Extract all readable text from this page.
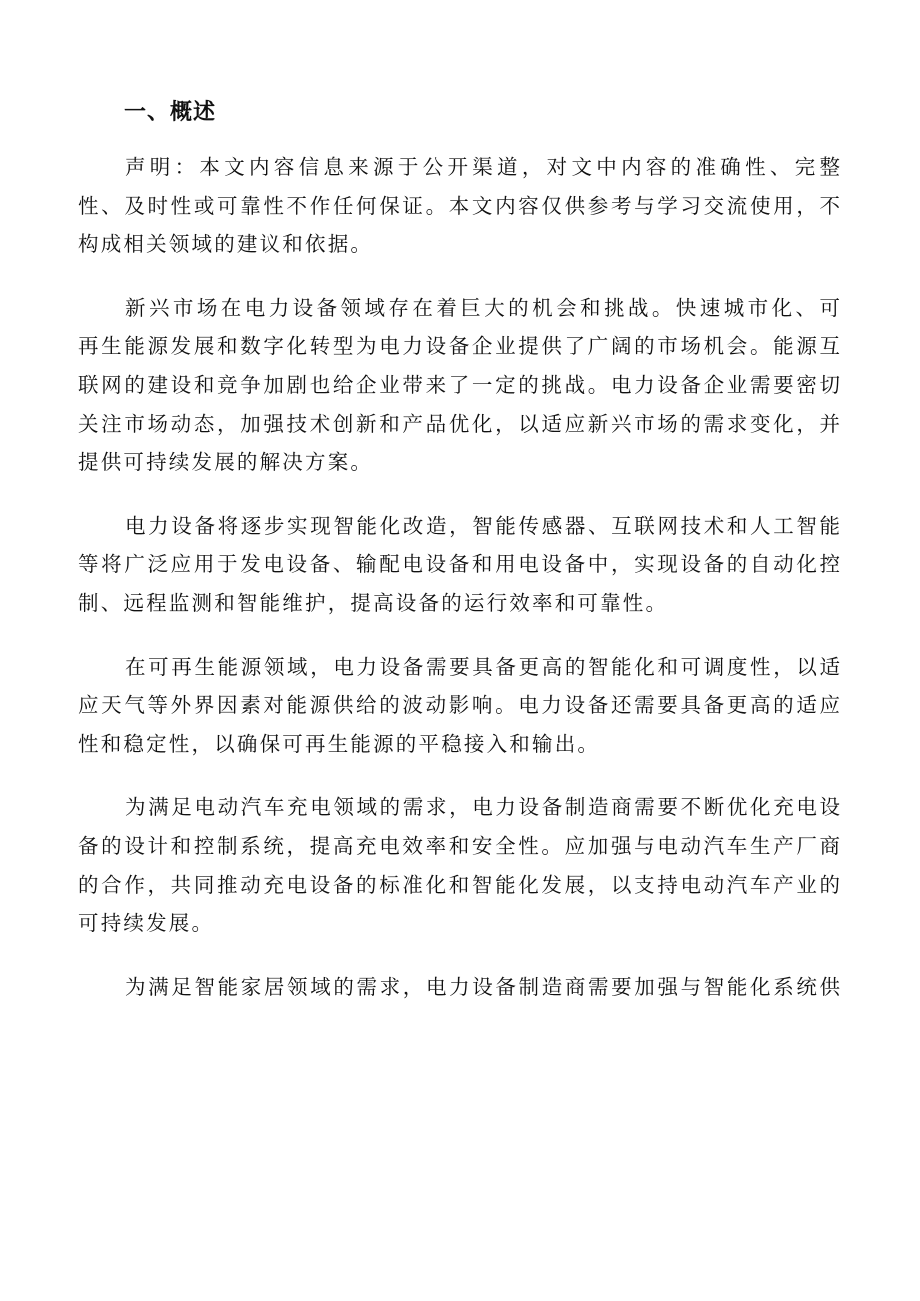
一、概述
声明：本文内容信息来源于公开渠道，对文中内容的准确性、完整
性、及时性或可靠性不作任何保证。本文内容仅供参考与学习交流使用，不
构成相关领域的建议和依据。
新兴市场在电力设备领域存在着巨大的机会和挑战。快速城市化、可
再生能源发展和数字化转型为电力设备企业提供了广阔的市场机会。能源互
联网的建设和竞争加剧也给企业带来了一定的挑战。电力设备企业需要密切
关注市场动态，加强技术创新和产品优化，以适应新兴市场的需求变化，并
提供可持续发展的解决方案。
电力设备将逐步实现智能化改造，智能传感器、互联网技术和人工智能
等将广泛应用于发电设备、输配电设备和用电设备中，实现设备的自动化控
制、远程监测和智能维护，提高设备的运行效率和可靠性。
在可再生能源领域，电力设备需要具备更高的智能化和可调度性，以适
应天气等外界因素对能源供给的波动影响。电力设备还需要具备更高的适应
性和稳定性，以确保可再生能源的平稳接入和输出。
为满足电动汽车充电领域的需求，电力设备制造商需要不断优化充电设
备的设计和控制系统，提高充电效率和安全性。应加强与电动汽车生产厂商
的合作，共同推动充电设备的标准化和智能化发展，以支持电动汽车产业的
可持续发展。
为满足智能家居领域的需求，电力设备制造商需要加强与智能化系统供
